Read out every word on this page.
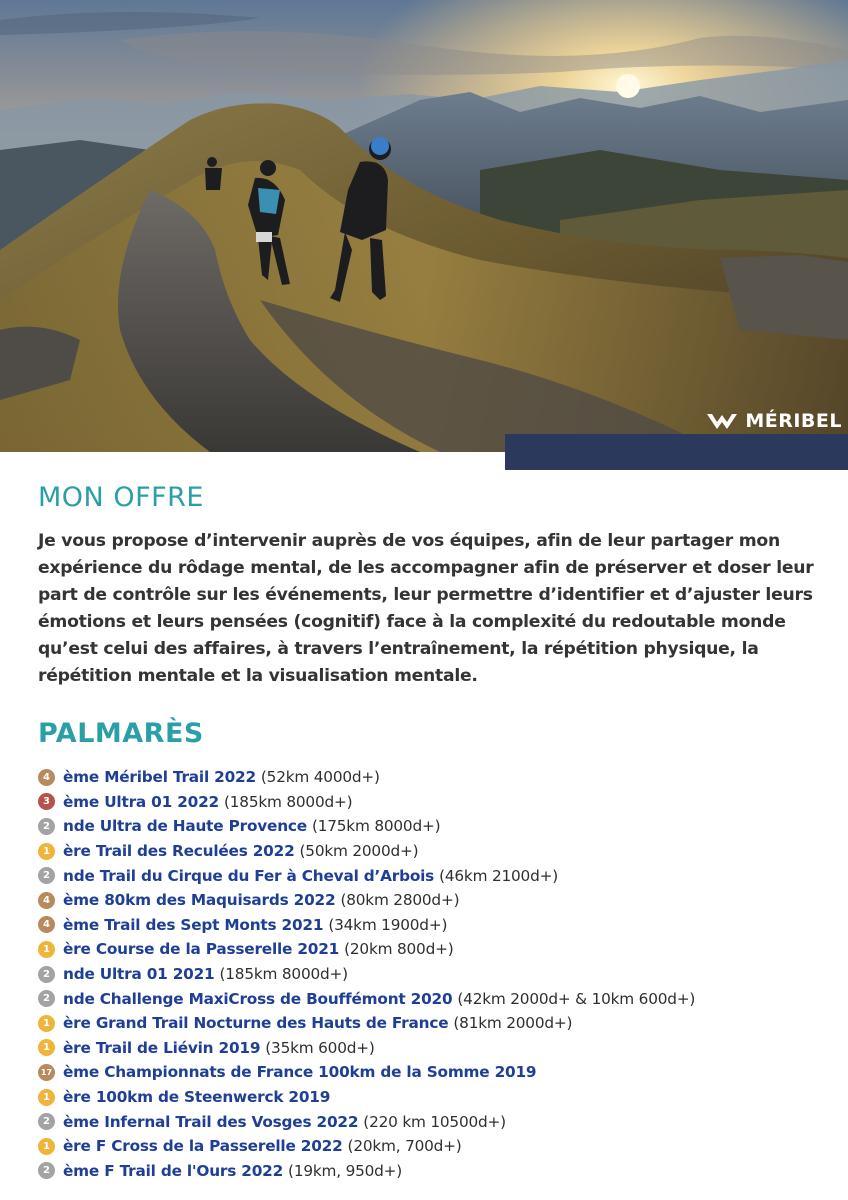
MÉRIBEL
MON OFFRE

Je vous propose d’intervenir auprès de vos équipes, afin de leur partager mon expérience du rôdage mental, de les accompagner afin de préserver et doser leur part de contrôle sur les événements, leur permettre d’identifier et d’ajuster leurs émotions et leurs pensées (cognitif) face à la complexité du redoutable monde qu’est celui des affaires, à travers l’entraînement, la répétition physique, la répétition mentale et la visualisation mentale.

PALMARÈS
4 ème Méribel Trail 2022 (52km 4000d+)
3 ème Ultra 01 2022 (185km 8000d+)
2 nde Ultra de Haute Provence (175km 8000d+)
1 ère Trail des Reculées 2022 (50km 2000d+)
2 nde Trail du Cirque du Fer à Cheval d’Arbois (46km 2100d+)
4 ème 80km des Maquisards 2022 (80km 2800d+)
4 ème Trail des Sept Monts 2021 (34km 1900d+)
1 ère Course de la Passerelle 2021 (20km 800d+)
2 nde Ultra 01 2021 (185km 8000d+)
2 nde Challenge MaxiCross de Bouffémont 2020 (42km 2000d+ & 10km 600d+)
1 ère Grand Trail Nocturne des Hauts de France (81km 2000d+)
1 ère Trail de Liévin 2019 (35km 600d+)
17 ème Championnats de France 100km de la Somme 2019
1 ère 100km de Steenwerck 2019
2 ème Infernal Trail des Vosges 2022 (220 km 10500d+)
1 ère F Cross de la Passerelle 2022 (20km, 700d+)
2 ème F Trail de l'Ours 2022 (19km, 950d+)
